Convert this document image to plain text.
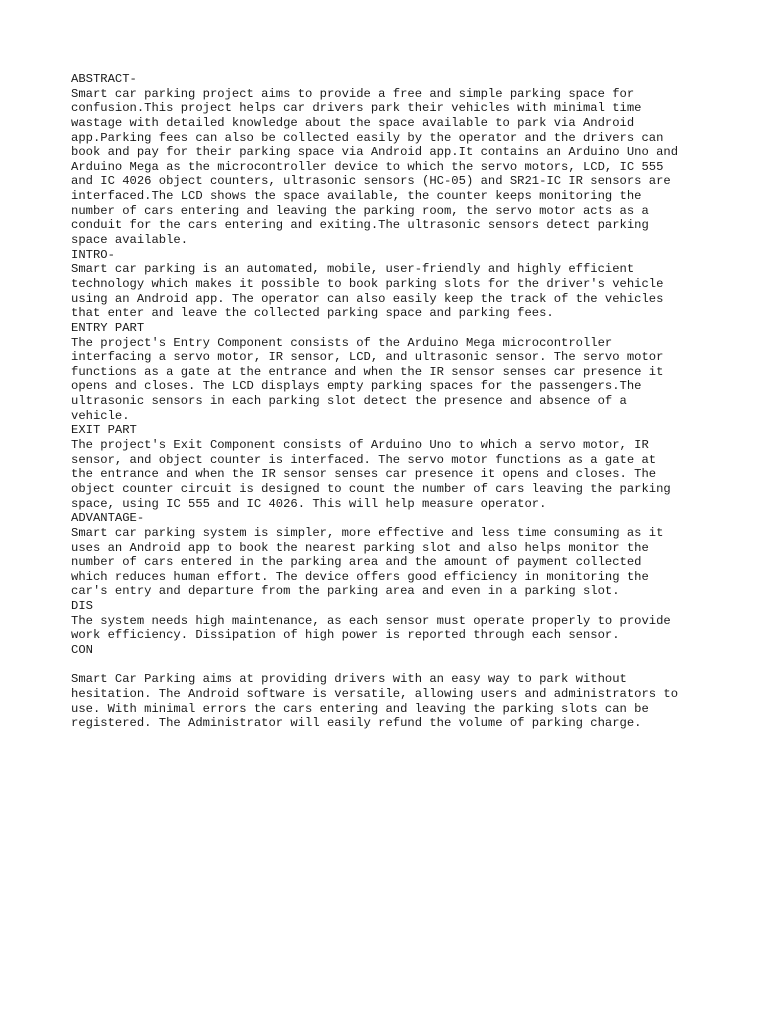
ABSTRACT-
Smart car parking project aims to provide a free and simple parking space for
confusion.This project helps car drivers park their vehicles with minimal time
wastage with detailed knowledge about the space available to park via Android
app.Parking fees can also be collected easily by the operator and the drivers can
book and pay for their parking space via Android app.It contains an Arduino Uno and
Arduino Mega as the microcontroller device to which the servo motors, LCD, IC 555
and IC 4026 object counters, ultrasonic sensors (HC-05) and SR21-IC IR sensors are
interfaced.The LCD shows the space available, the counter keeps monitoring the
number of cars entering and leaving the parking room, the servo motor acts as a
conduit for the cars entering and exiting.The ultrasonic sensors detect parking
space available.
INTRO-
Smart car parking is an automated, mobile, user-friendly and highly efficient
technology which makes it possible to book parking slots for the driver's vehicle
using an Android app. The operator can also easily keep the track of the vehicles
that enter and leave the collected parking space and parking fees.
ENTRY PART
The project's Entry Component consists of the Arduino Mega microcontroller
interfacing a servo motor, IR sensor, LCD, and ultrasonic sensor. The servo motor
functions as a gate at the entrance and when the IR sensor senses car presence it
opens and closes. The LCD displays empty parking spaces for the passengers.The
ultrasonic sensors in each parking slot detect the presence and absence of a
vehicle.
EXIT PART
The project's Exit Component consists of Arduino Uno to which a servo motor, IR
sensor, and object counter is interfaced. The servo motor functions as a gate at
the entrance and when the IR sensor senses car presence it opens and closes. The
object counter circuit is designed to count the number of cars leaving the parking
space, using IC 555 and IC 4026. This will help measure operator.
ADVANTAGE-
Smart car parking system is simpler, more effective and less time consuming as it
uses an Android app to book the nearest parking slot and also helps monitor the
number of cars entered in the parking area and the amount of payment collected
which reduces human effort. The device offers good efficiency in monitoring the
car's entry and departure from the parking area and even in a parking slot.
DIS
The system needs high maintenance, as each sensor must operate properly to provide
work efficiency. Dissipation of high power is reported through each sensor.
CON
Smart Car Parking aims at providing drivers with an easy way to park without
hesitation. The Android software is versatile, allowing users and administrators to
use. With minimal errors the cars entering and leaving the parking slots can be
registered. The Administrator will easily refund the volume of parking charge.
